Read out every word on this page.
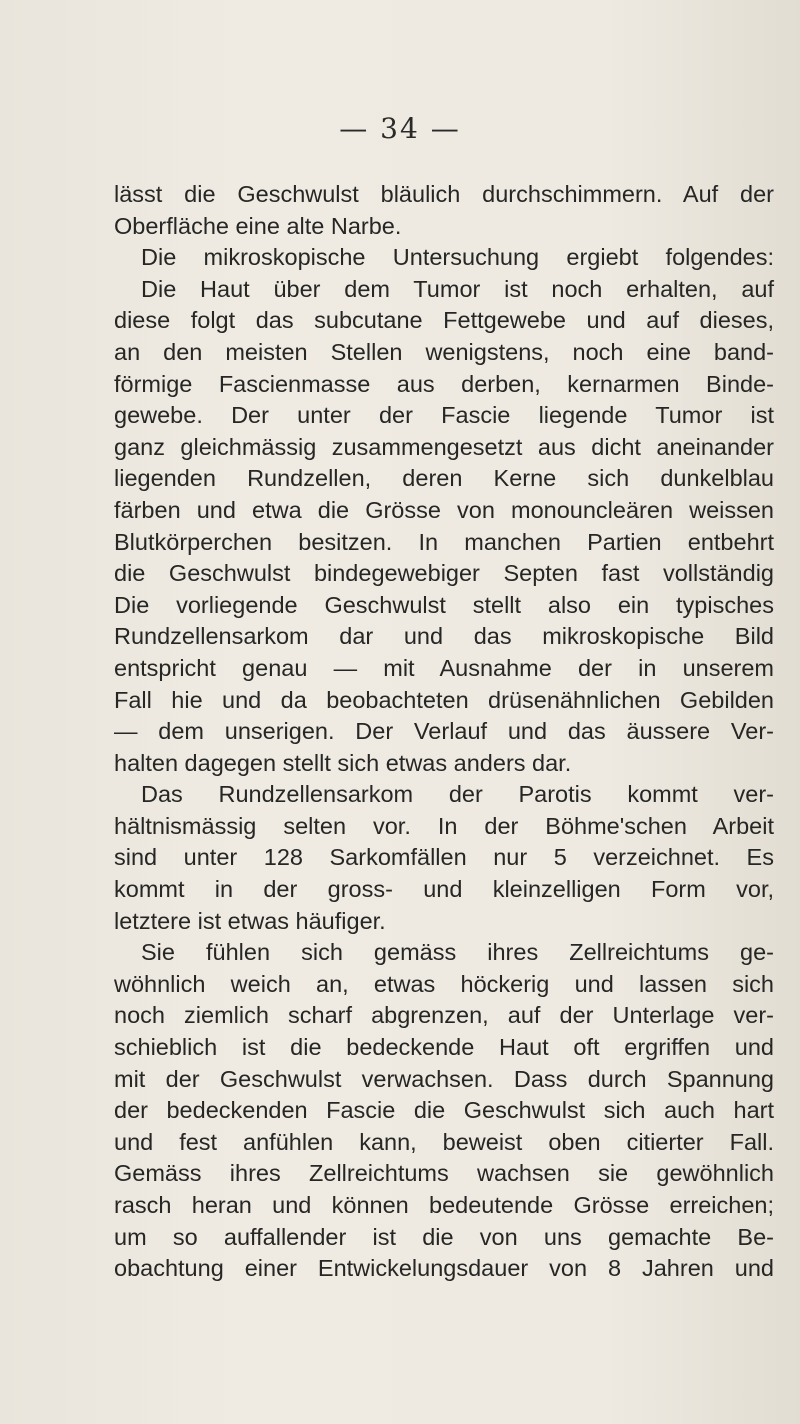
— 34 —
lässt die Geschwulst bläulich durchschimmern. Auf der
Oberfläche eine alte Narbe.
Die mikroskopische Untersuchung ergiebt folgendes:
Die Haut über dem Tumor ist noch erhalten, auf
diese folgt das subcutane Fettgewebe und auf dieses,
an den meisten Stellen wenigstens, noch eine band-
förmige Fascienmasse aus derben, kernarmen Binde-
gewebe. Der unter der Fascie liegende Tumor ist
ganz gleichmässig zusammengesetzt aus dicht aneinander
liegenden Rundzellen, deren Kerne sich dunkelblau
färben und etwa die Grösse von monouncleären weissen
Blutkörperchen besitzen. In manchen Partien entbehrt
die Geschwulst bindegewebiger Septen fast vollständig
Die vorliegende Geschwulst stellt also ein typisches
Rundzellensarkom dar und das mikroskopische Bild
entspricht genau — mit Ausnahme der in unserem
Fall hie und da beobachteten drüsenähnlichen Gebilden
— dem unserigen. Der Verlauf und das äussere Ver-
halten dagegen stellt sich etwas anders dar.
Das Rundzellensarkom der Parotis kommt ver-
hältnismässig selten vor. In der Böhme'schen Arbeit
sind unter 128 Sarkomfällen nur 5 verzeichnet. Es
kommt in der gross- und kleinzelligen Form vor,
letztere ist etwas häufiger.
Sie fühlen sich gemäss ihres Zellreichtums ge-
wöhnlich weich an, etwas höckerig und lassen sich
noch ziemlich scharf abgrenzen, auf der Unterlage ver-
schieblich ist die bedeckende Haut oft ergriffen und
mit der Geschwulst verwachsen. Dass durch Spannung
der bedeckenden Fascie die Geschwulst sich auch hart
und fest anfühlen kann, beweist oben citierter Fall.
Gemäss ihres Zellreichtums wachsen sie gewöhnlich
rasch heran und können bedeutende Grösse erreichen;
um so auffallender ist die von uns gemachte Be-
obachtung einer Entwickelungsdauer von 8 Jahren und
